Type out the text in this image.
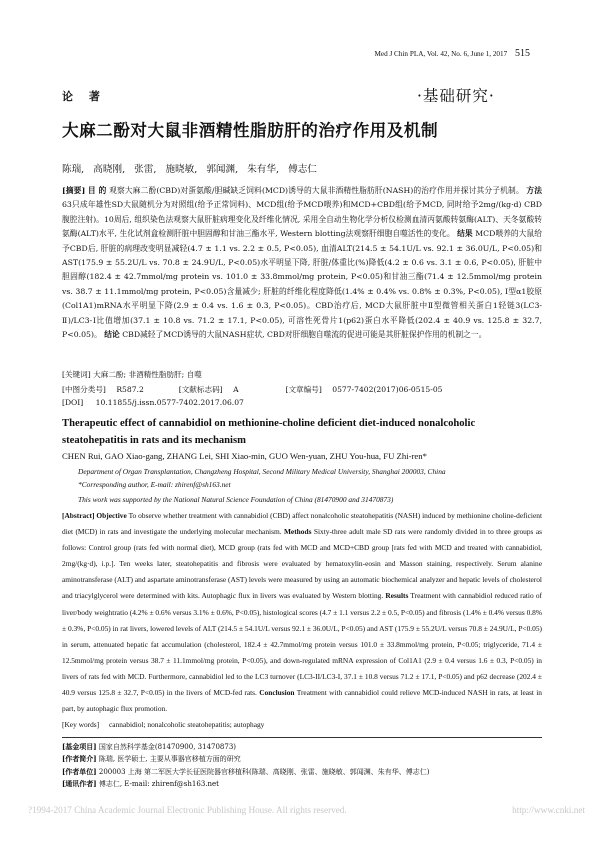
Med J Chin PLA, Vol. 42, No. 6, June 1, 2017 515
论 著	·基础研究·
大麻二酚对大鼠非酒精性脂肪肝的治疗作用及机制
陈瑞, 高晓刚, 张雷, 施晓敏, 郭闻渊, 朱有华, 傅志仁
[摘要] 目 的 观察大麻二酚(CBD)对蛋氨酸/胆碱缺乏饲料(MCD)诱导的大鼠非酒精性脂肪肝(NASH)的治疗作用并探讨其分子机制。 方法 63只成年雄性SD大鼠随机分为对照组(给予正常饲料)、MCD组(给予MCD喂养)和MCD+CBD组(给予MCD, 同时给予2mg/(kg·d) CBD腹腔注射)。10周后, 组织染色法观察大鼠肝脏病理变化及纤维化情况, 采用全自动生物化学分析仪检测血清丙氨酸转氨酶(ALT)、天冬氨酸转氨酶(ALT)水平, 生化试剂盒检测肝脏中胆固醇和甘油三酯水平, Western blotting法观察肝细胞自噬活性的变化。 结果 MCD喂养的大鼠给予CBD后, 肝脏的病理改变明显减轻(4.7 ± 1.1 vs. 2.2 ± 0.5, P<0.05), 血清ALT(214.5 ± 54.1U/L vs. 92.1 ± 36.0U/L, P<0.05)和AST(175.9 ± 55.2U/L vs. 70.8 ± 24.9U/L, P<0.05)水平明显下降, 肝脏/体重比(%)降低(4.2 ± 0.6 vs. 3.1 ± 0.6, P<0.05), 肝脏中胆固醇(182.4 ± 42.7mmol/mg protein vs. 101.0 ± 33.8mmol/mg protein, P<0.05)和甘油三酯(71.4 ± 12.5mmol/mg protein vs. 38.7 ± 11.1mmol/mg protein, P<0.05)含量减少; 肝脏的纤维化程度降低(1.4% ± 0.4% vs. 0.8% ± 0.3%, P<0.05), I型α1胶原(Col1A1)mRNA水平明显下降(2.9 ± 0.4 vs. 1.6 ± 0.3, P<0.05)。CBD治疗后, MCD大鼠肝脏中Ⅱ型微管相关蛋白1轻链3(LC3-Ⅱ)/LC3-Ⅰ比值增加(37.1 ± 10.8 vs. 71.2 ± 17.1, P<0.05), 可溶性死骨片1(p62)蛋白水平降低(202.4 ± 40.9 vs. 125.8 ± 32.7, P<0.05)。 结论 CBD减轻了MCD诱导的大鼠NASH症状, CBD对肝细胞自噬流的促进可能是其肝脏保护作用的机制之一。
[关键词] 大麻二酚; 非酒精性脂肪肝; 自噬
[中图分类号] R587.2	[文献标志码] A	[文章编号] 0577-7402(2017)06-0515-05
[DOI] 10.11855/j.issn.0577-7402.2017.06.07
Therapeutic effect of cannabidiol on methionine-choline deficient diet-induced nonalcoholic steatohepatitis in rats and its mechanism
CHEN Rui, GAO Xiao-gang, ZHANG Lei, SHI Xiao-min, GUO Wen-yuan, ZHU You-hua, FU Zhi-ren*
Department of Organ Transplantation, Changzheng Hospital, Second Military Medical University, Shanghai 200003, China
*Corresponding author, E-mail: zhirenf@sh163.net
This work was supported by the National Natural Science Foundation of China (81470900 and 31470873)
[Abstract] Objective To observe whether treatment with cannabidiol (CBD) affect nonalcoholic steatohepatitis (NASH) induced by methionine choline-deficient diet (MCD) in rats and investigate the underlying molecular mechanism. Methods Sixty-three adult male SD rats were randomly divided in to three groups as follows: Control group (rats fed with normal diet), MCD group (rats fed with MCD and MCD+CBD group [rats fed with MCD and treated with cannabidiol, 2mg/(kg·d), i.p.]. Ten weeks later, steatohepatitis and fibrosis were evaluated by hematoxylin-eosin and Masson staining, respectively. Serum alanine aminotransferase (ALT) and aspartate aminotransferase (AST) levels were measured by using an automatic biochemical analyzer and hepatic levels of cholesterol and triacylglycerol were determined with kits. Autophagic flux in livers was evaluated by Western blotting. Results Treatment with cannabidiol reduced ratio of liver/body weightratio (4.2% ± 0.6% versus 3.1% ± 0.6%, P<0.05), histological scores (4.7 ± 1.1 versus 2.2 ± 0.5, P<0.05) and fibrosis (1.4% ± 0.4% versus 0.8% ± 0.3%, P<0.05) in rat livers, lowered levels of ALT (214.5 ± 54.1U/L versus 92.1 ± 36.0U/L, P<0.05) and AST (175.9 ± 55.2U/L versus 70.8 ± 24.9U/L, P<0.05) in serum, attenuated hepatic fat accumulation (cholesterol, 182.4 ± 42.7mmol/mg protein versus 101.0 ± 33.8mmol/mg protein, P<0.05; triglyceride, 71.4 ± 12.5mmol/mg protein versus 38.7 ± 11.1mmol/mg protein, P<0.05), and down-regulated mRNA expression of Col1A1 (2.9 ± 0.4 versus 1.6 ± 0.3, P<0.05) in livers of rats fed with MCD. Furthermore, cannabidiol led to the LC3 turnover (LC3-II/LC3-I, 37.1 ± 10.8 versus 71.2 ± 17.1, P<0.05) and p62 decrease (202.4 ± 40.9 versus 125.8 ± 32.7, P<0.05) in the livers of MCD-fed rats. Conclusion Treatment with cannabidiol could relieve MCD-induced NASH in rats, at least in part, by autophagic flux promotion.
[Key words] cannabidiol; nonalcoholic steatohepatitis; autophagy
[基金项目] 国家自然科学基金(81470900, 31470873)
[作者简介] 陈瑞, 医学硕士, 主要从事器官移植方面的研究
[作者单位] 200003 上海 第二军医大学长征医院器官移植科(陈瑞、高晓刚、张雷、施晓敏、郭闻渊、朱有华、傅志仁)
[通讯作者] 傅志仁, E-mail: zhirenf@sh163.net
?1994-2017 China Academic Journal Electronic Publishing House. All rights reserved.	http://www.cnki.net
